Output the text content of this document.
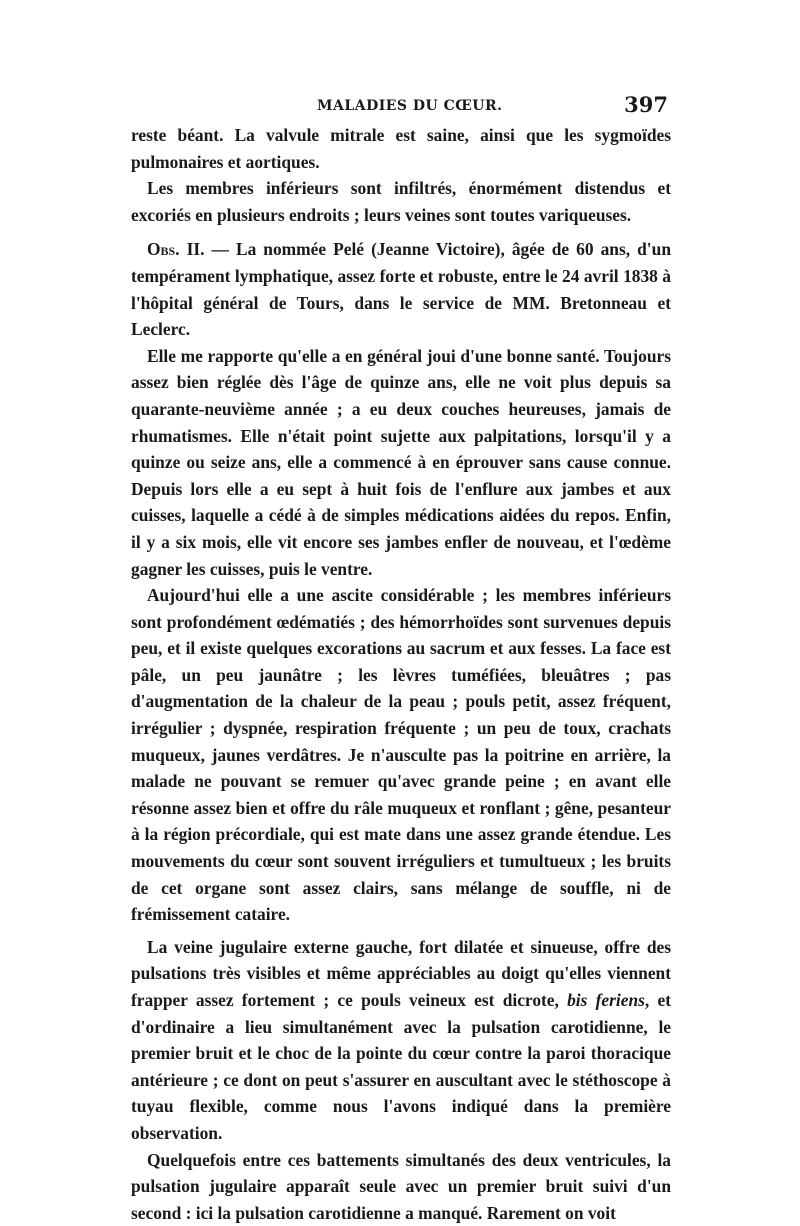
MALADIES DU CŒUR.	397

reste béant. La valvule mitrale est saine, ainsi que les sygmoïdes pulmonaires et aortiques.

Les membres inférieurs sont infiltrés, énormément distendus et excoriés en plusieurs endroits ; leurs veines sont toutes variqueuses.

Obs. II. — La nommée Pelé (Jeanne Victoire), âgée de 60 ans, d'un tempérament lymphatique, assez forte et robuste, entre le 24 avril 1838 à l'hôpital général de Tours, dans le service de MM. Bretonneau et Leclerc.

Elle me rapporte qu'elle a en général joui d'une bonne santé. Toujours assez bien réglée dès l'âge de quinze ans, elle ne voit plus depuis sa quarante-neuvième année ; a eu deux couches heureuses, jamais de rhumatismes. Elle n'était point sujette aux palpitations, lorsqu'il y a quinze ou seize ans, elle a commencé à en éprouver sans cause connue. Depuis lors elle a eu sept à huit fois de l'enflure aux jambes et aux cuisses, laquelle a cédé à de simples médications aidées du repos. Enfin, il y a six mois, elle vit encore ses jambes enfler de nouveau, et l'œdème gagner les cuisses, puis le ventre.

Aujourd'hui elle a une ascite considérable ; les membres inférieurs sont profondément œdématiés ; des hémorrhoïdes sont survenues depuis peu, et il existe quelques excorations au sacrum et aux fesses. La face est pâle, un peu jaunâtre ; les lèvres tuméfiées, bleuâtres ; pas d'augmentation de la chaleur de la peau ; pouls petit, assez fréquent, irrégulier ; dyspnée, respiration fréquente ; un peu de toux, crachats muqueux, jaunes verdâtres. Je n'ausculte pas la poitrine en arrière, la malade ne pouvant se remuer qu'avec grande peine ; en avant elle résonne assez bien et offre du râle muqueux et ronflant ; gêne, pesanteur à la région précordiale, qui est mate dans une assez grande étendue. Les mouvements du cœur sont souvent irréguliers et tumultueux ; les bruits de cet organe sont assez clairs, sans mélange de souffle, ni de frémissement cataire.

La veine jugulaire externe gauche, fort dilatée et sinueuse, offre des pulsations très visibles et même appréciables au doigt qu'elles viennent frapper assez fortement ; ce pouls veineux est dicrote, bis feriens, et d'ordinaire a lieu simultanément avec la pulsation carotidienne, le premier bruit et le choc de la pointe du cœur contre la paroi thoracique antérieure ; ce dont on peut s'assurer en auscultant avec le stéthoscope à tuyau flexible, comme nous l'avons indiqué dans la première observation.

Quelquefois entre ces battements simultanés des deux ventricules, la pulsation jugulaire apparaît seule avec un premier bruit suivi d'un second : ici la pulsation carotidienne a manqué. Rarement on voit
